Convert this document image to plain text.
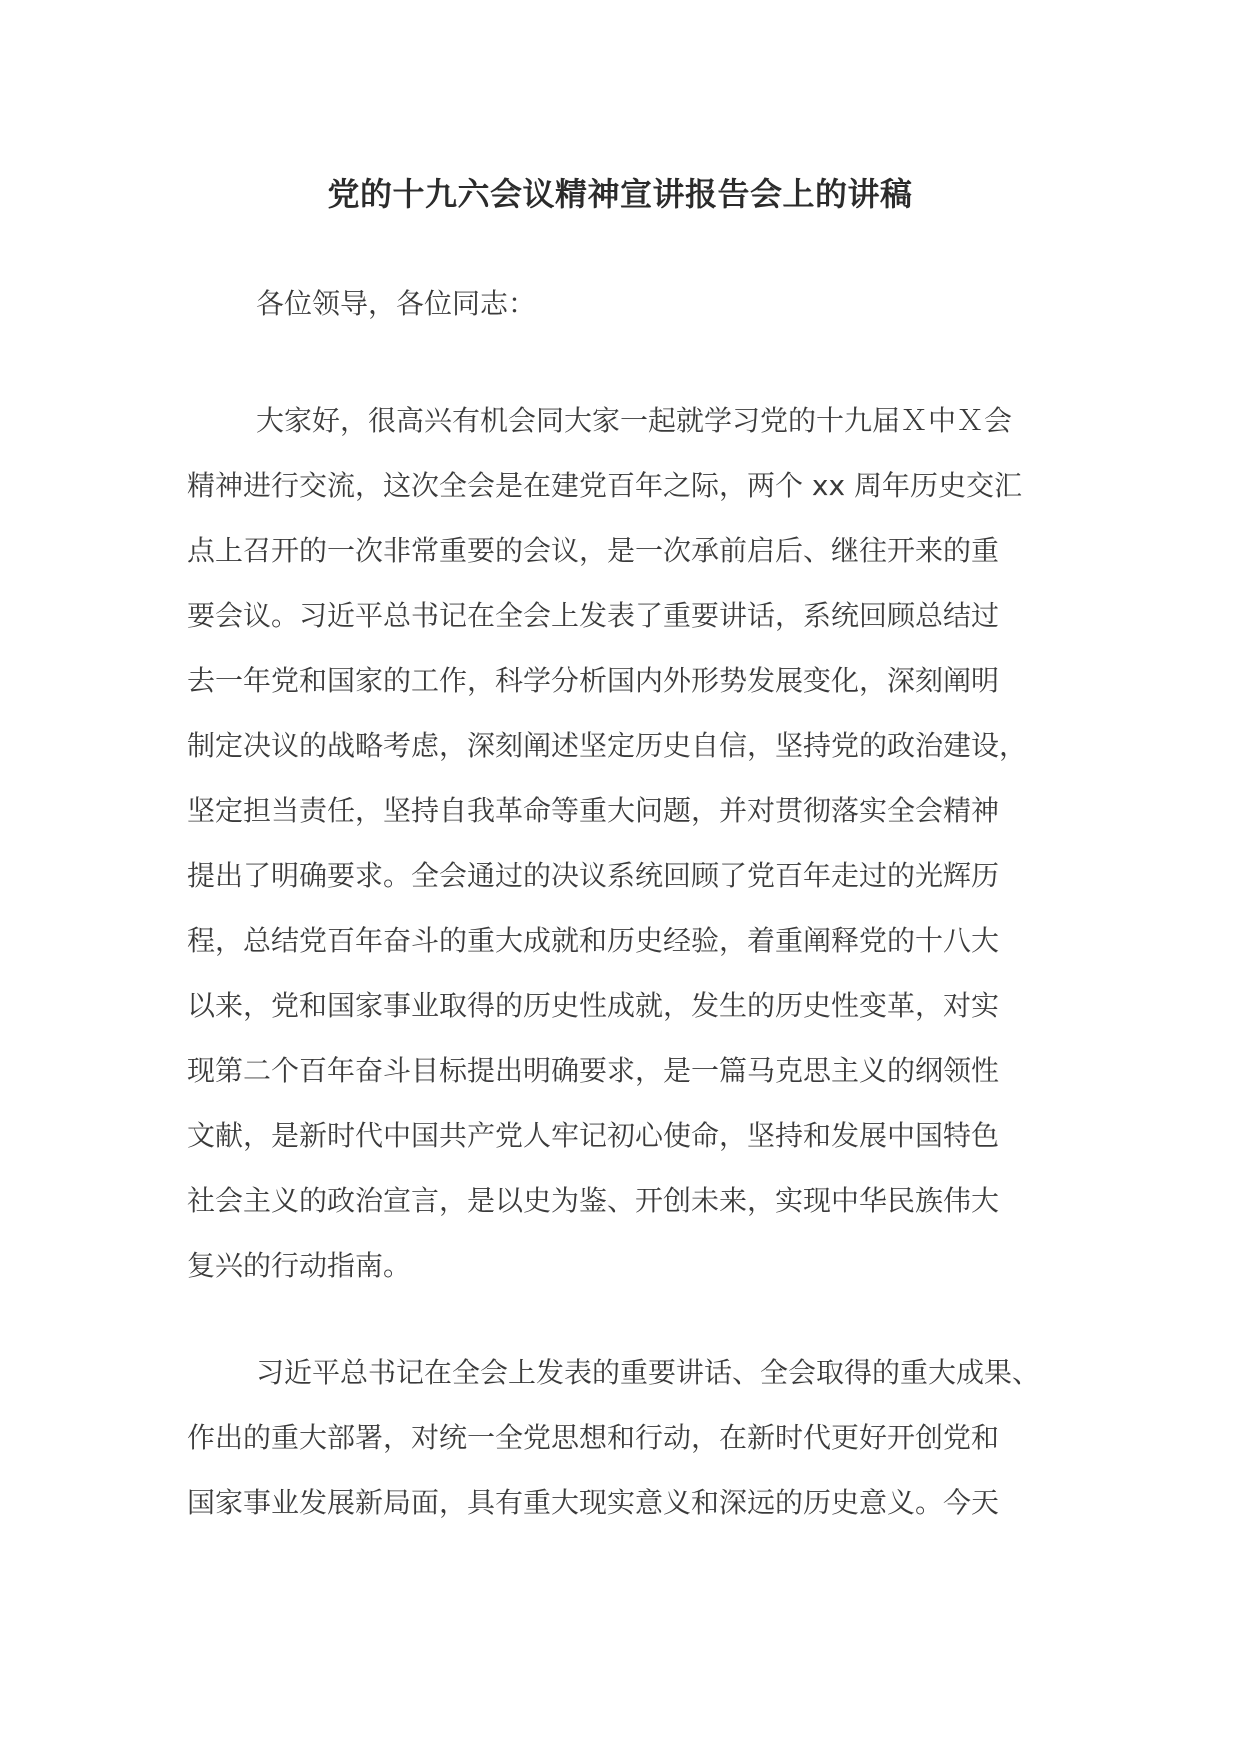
党的十九六会议精神宣讲报告会上的讲稿
各位领导，各位同志：
大家好，很高兴有机会同大家一起就学习党的十九届Ｘ中Ｘ会
精神进行交流，这次全会是在建党百年之际，两个 xx 周年历史交汇
点上召开的一次非常重要的会议，是一次承前启后、继往开来的重
要会议。习近平总书记在全会上发表了重要讲话，系统回顾总结过
去一年党和国家的工作，科学分析国内外形势发展变化，深刻阐明
制定决议的战略考虑，深刻阐述坚定历史自信，坚持党的政治建设，
坚定担当责任，坚持自我革命等重大问题，并对贯彻落实全会精神
提出了明确要求。全会通过的决议系统回顾了党百年走过的光辉历
程，总结党百年奋斗的重大成就和历史经验，着重阐释党的十八大
以来，党和国家事业取得的历史性成就，发生的历史性变革，对实
现第二个百年奋斗目标提出明确要求，是一篇马克思主义的纲领性
文献，是新时代中国共产党人牢记初心使命，坚持和发展中国特色
社会主义的政治宣言，是以史为鉴、开创未来，实现中华民族伟大
复兴的行动指南。
习近平总书记在全会上发表的重要讲话、全会取得的重大成果、
作出的重大部署，对统一全党思想和行动，在新时代更好开创党和
国家事业发展新局面，具有重大现实意义和深远的历史意义。今天
